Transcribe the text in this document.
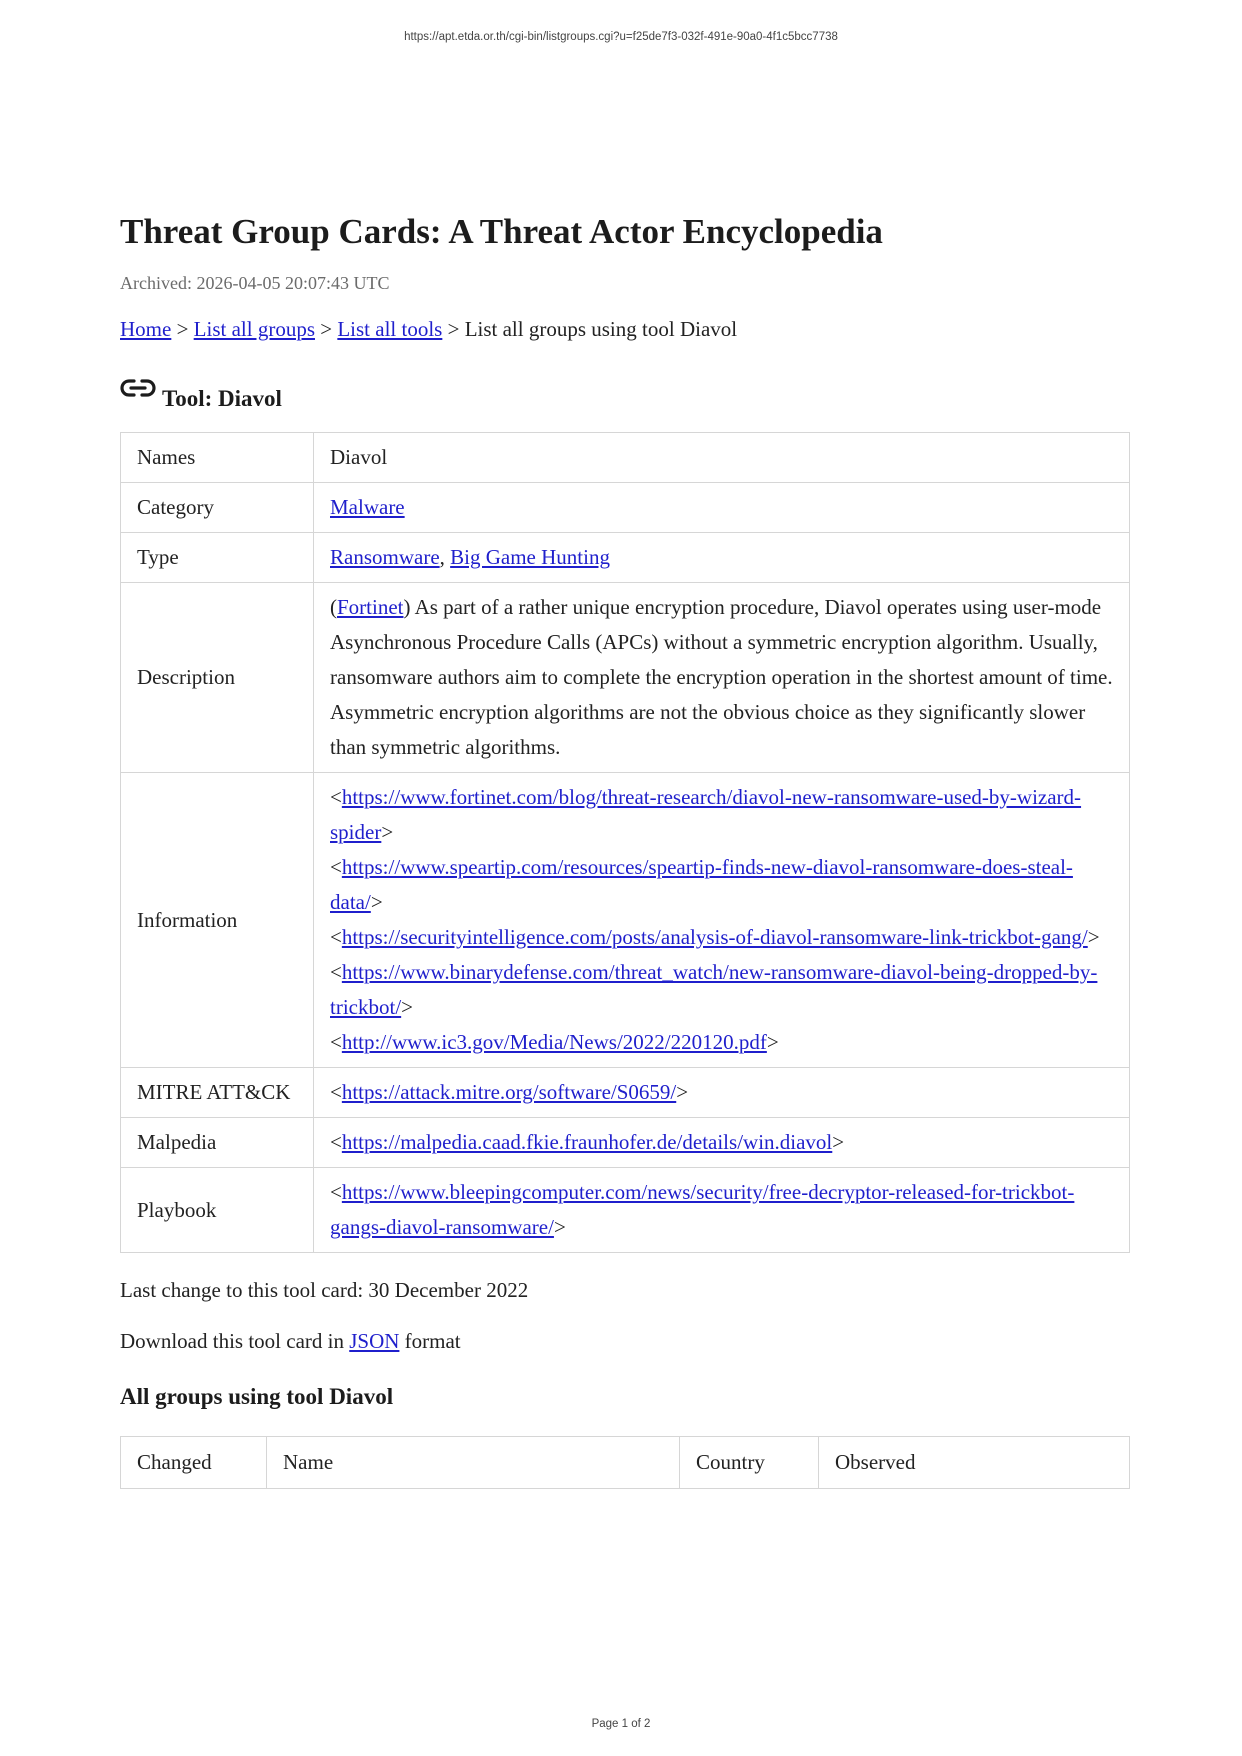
https://apt.etda.or.th/cgi-bin/listgroups.cgi?u=f25de7f3-032f-491e-90a0-4f1c5bcc7738
Threat Group Cards: A Threat Actor Encyclopedia
Archived: 2026-04-05 20:07:43 UTC
Home > List all groups > List all tools > List all groups using tool Diavol
Tool: Diavol
Names	Diavol
Category	Malware
Type	Ransomware, Big Game Hunting
Description	(Fortinet) As part of a rather unique encryption procedure, Diavol operates using user-mode Asynchronous Procedure Calls (APCs) without a symmetric encryption algorithm. Usually, ransomware authors aim to complete the encryption operation in the shortest amount of time. Asymmetric encryption algorithms are not the obvious choice as they significantly slower than symmetric algorithms.
Information	<https://www.fortinet.com/blog/threat-research/diavol-new-ransomware-used-by-wizard-spider>
<https://www.speartip.com/resources/speartip-finds-new-diavol-ransomware-does-steal-data/>
<https://securityintelligence.com/posts/analysis-of-diavol-ransomware-link-trickbot-gang/>
<https://www.binarydefense.com/threat_watch/new-ransomware-diavol-being-dropped-by-trickbot/>
<http://www.ic3.gov/Media/News/2022/220120.pdf>

MITRE ATT&CK	<https://attack.mitre.org/software/S0659/>
Malpedia	<https://malpedia.caad.fkie.fraunhofer.de/details/win.diavol>
Playbook	<https://www.bleepingcomputer.com/news/security/free-decryptor-released-for-trickbot-gangs-diavol-ransomware/>
Last change to this tool card: 30 December 2022
Download this tool card in JSON format
All groups using tool Diavol
Changed	Name	Country	Observed
Page 1 of 2
